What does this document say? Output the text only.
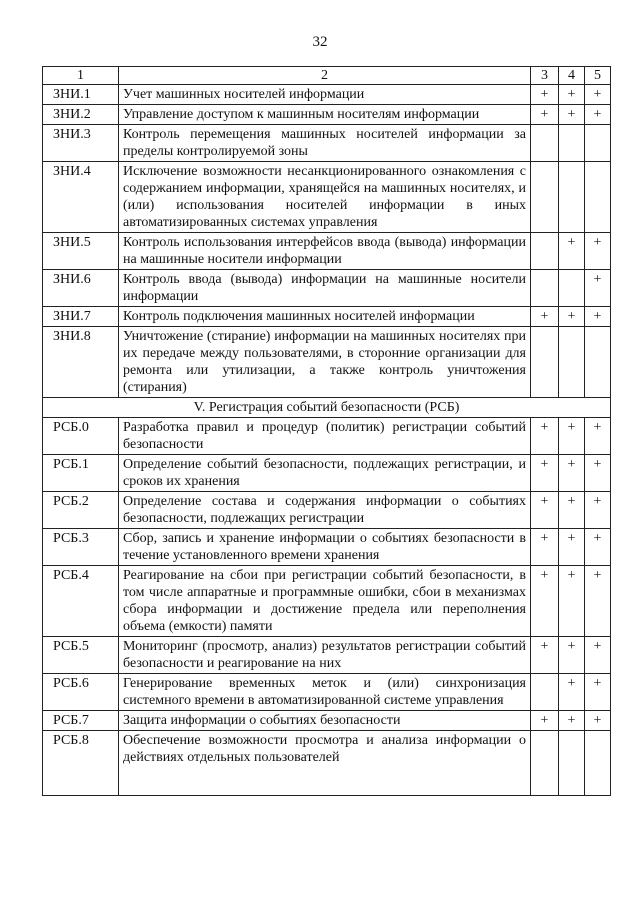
32
1	2	3	4	5
ЗНИ.1	Учет машинных носителей информации	+	+	+
ЗНИ.2	Управление доступом к машинным носителям информации	+	+	+
ЗНИ.3	Контроль перемещения машинных носителей информации за пределы контролируемой зоны			
ЗНИ.4	Исключение возможности несанкционированного ознакомления с содержанием информации, хранящейся на машинных носителях, и (или) использования носителей информации в иных автоматизированных системах управления			
ЗНИ.5	Контроль использования интерфейсов ввода (вывода) информации на машинные носители информации		+	+
ЗНИ.6	Контроль ввода (вывода) информации на машинные носители информации			+
ЗНИ.7	Контроль подключения машинных носителей информации	+	+	+
ЗНИ.8	Уничтожение (стирание) информации на машинных носителях при их передаче между пользователями, в сторонние организации для ремонта или утилизации, а также контроль уничтожения (стирания)			
V. Регистрация событий безопасности (РСБ)				
РСБ.0	Разработка правил и процедур (политик) регистрации событий безопасности	+	+	+
РСБ.1	Определение событий безопасности, подлежащих регистрации, и сроков их хранения	+	+	+
РСБ.2	Определение состава и содержания информации о событиях безопасности, подлежащих регистрации	+	+	+
РСБ.3	Сбор, запись и хранение информации о событиях безопасности в течение установленного времени хранения	+	+	+
РСБ.4	Реагирование на сбои при регистрации событий безопасности, в том числе аппаратные и программные ошибки, сбои в механизмах сбора информации и достижение предела или переполнения объема (емкости) памяти	+	+	+
РСБ.5	Мониторинг (просмотр, анализ) результатов регистрации событий безопасности и реагирование на них	+	+	+
РСБ.6	Генерирование временных меток и (или) синхронизация системного времени в автоматизированной системе управления		+	+
РСБ.7	Защита информации о событиях безопасности	+	+	+
РСБ.8	Обеспечение возможности просмотра и анализа информации о действиях отдельных пользователей			
